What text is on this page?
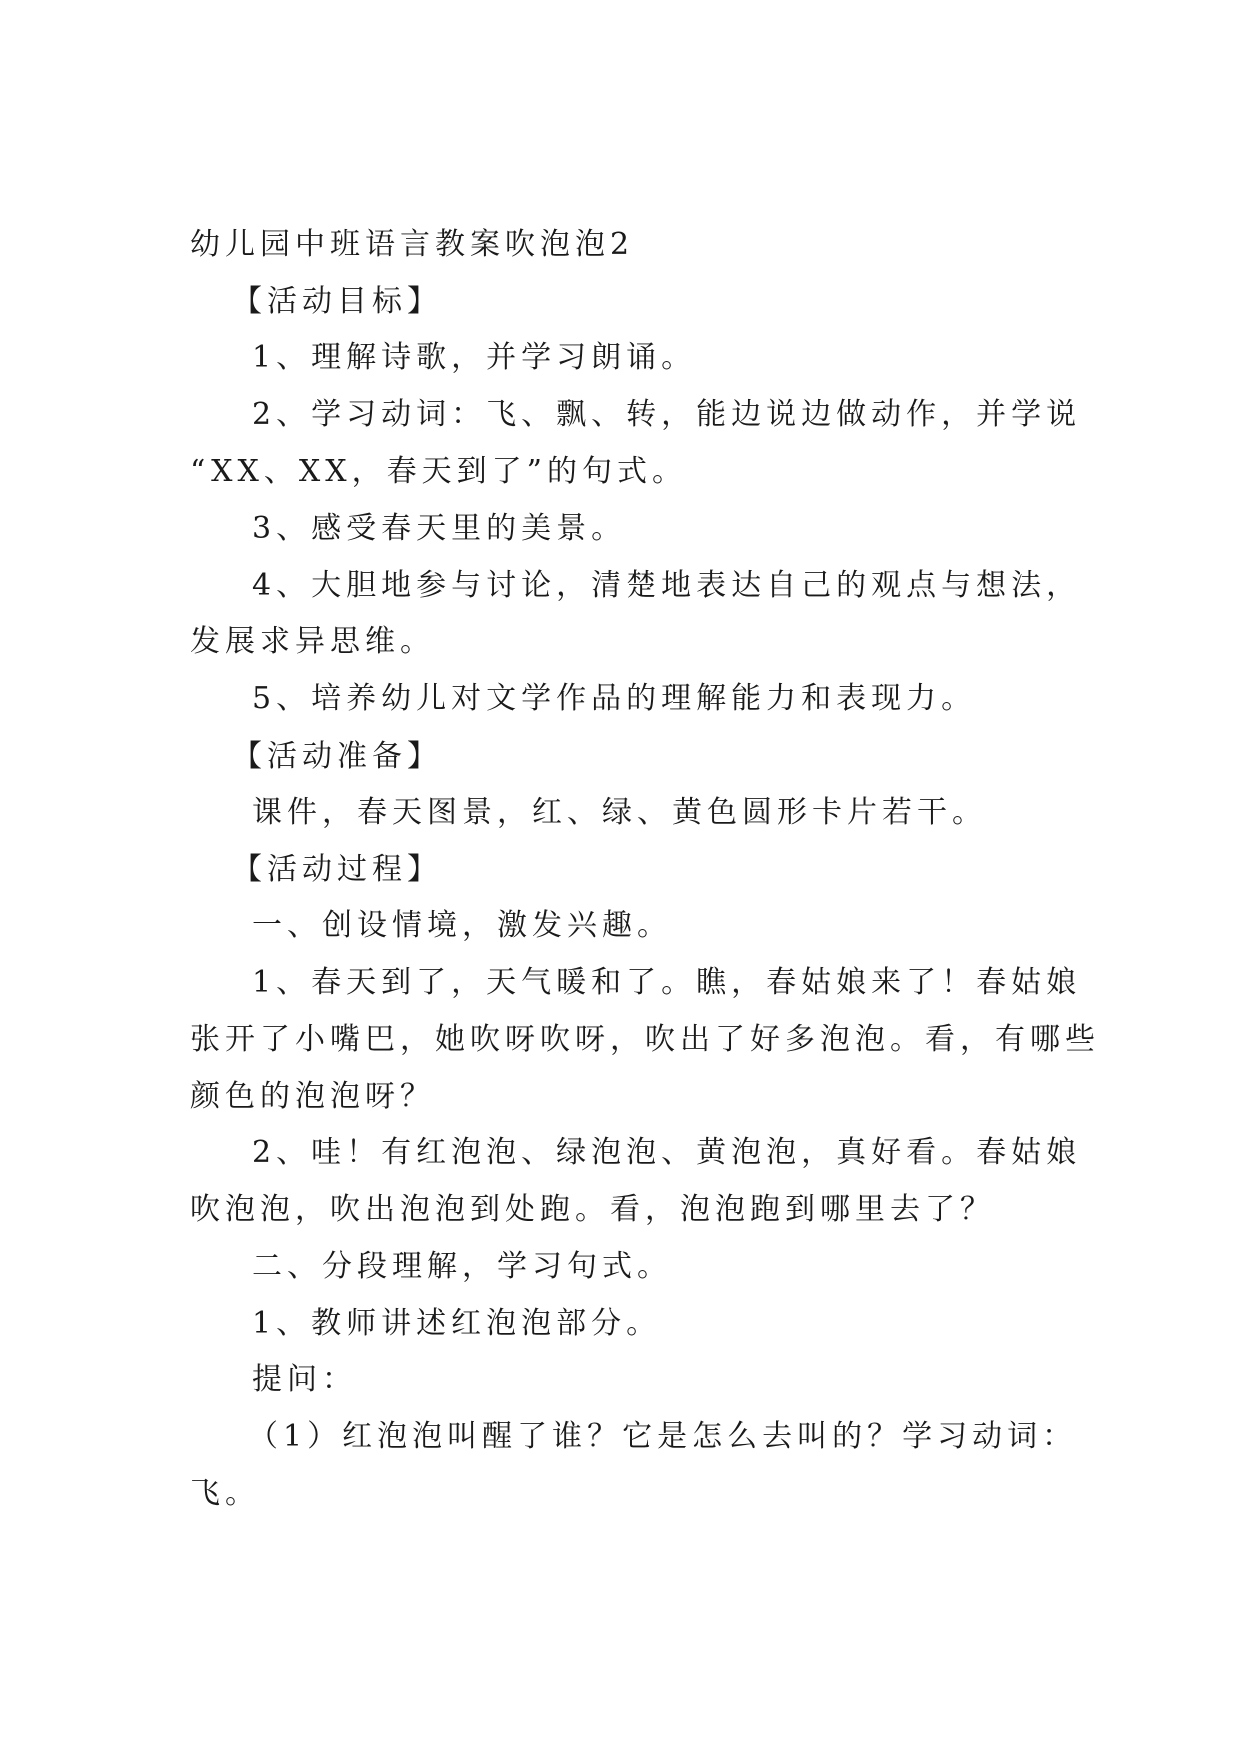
幼儿园中班语言教案吹泡泡2
【活动目标】
1、理解诗歌，并学习朗诵。
2、学习动词：飞、飘、转，能边说边做动作，并学说
“XX、XX，春天到了”的句式。
3、感受春天里的美景。
4、大胆地参与讨论，清楚地表达自己的观点与想法，
发展求异思维。
5、培养幼儿对文学作品的理解能力和表现力。
【活动准备】
课件，春天图景，红、绿、黄色圆形卡片若干。
【活动过程】
一、创设情境，激发兴趣。
1、春天到了，天气暖和了。瞧，春姑娘来了！春姑娘
张开了小嘴巴，她吹呀吹呀，吹出了好多泡泡。看，有哪些
颜色的泡泡呀？
2、哇！有红泡泡、绿泡泡、黄泡泡，真好看。春姑娘
吹泡泡，吹出泡泡到处跑。看，泡泡跑到哪里去了？
二、分段理解，学习句式。
1、教师讲述红泡泡部分。
提问：
（1）红泡泡叫醒了谁？它是怎么去叫的？学习动词：
飞。
